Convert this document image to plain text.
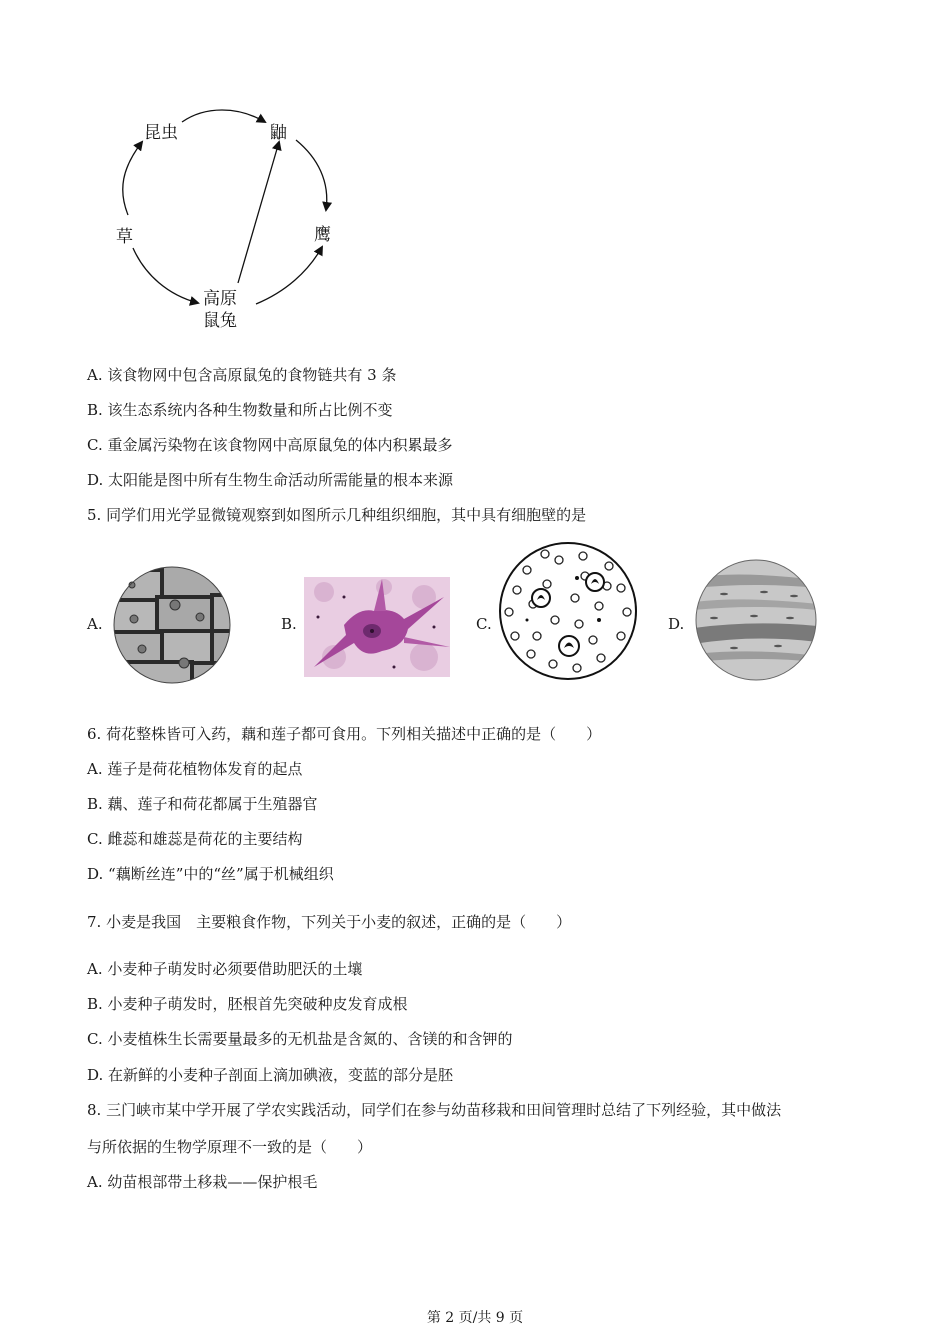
昆虫	鼬
草	鹰
高原
鼠兔
A. 该食物网中包含高原鼠兔的食物链共有 3 条
B. 该生态系统内各种生物数量和所占比例不变
C. 重金属污染物在该食物网中高原鼠兔的体内积累最多
D. 太阳能是图中所有生物生命活动所需能量的根本来源
5. 同学们用光学显微镜观察到如图所示几种组织细胞，其中具有细胞壁的是
A.	B.	C.	D.
6. 荷花整株皆可入药，藕和莲子都可食用。下列相关描述中正确的是（　　）
A. 莲子是荷花植物体发育的起点
B. 藕、莲子和荷花都属于生殖器官
C. 雌蕊和雄蕊是荷花的主要结构
D. “藕断丝连”中的“丝”属于机械组织
7. 小麦是我国　主要粮食作物，下列关于小麦的叙述，正确的是（　　）
A. 小麦种子萌发时必须要借助肥沃的土壤
B. 小麦种子萌发时，胚根首先突破种皮发育成根
C. 小麦植株生长需要量最多的无机盐是含氮的、含镁的和含钾的
D. 在新鲜的小麦种子剖面上滴加碘液，变蓝的部分是胚
8. 三门峡市某中学开展了学农实践活动，同学们在参与幼苗移栽和田间管理时总结了下列经验，其中做法
与所依据的生物学原理不一致的是（　　）
A. 幼苗根部带土移栽——保护根毛
第 2 页/共 9 页
